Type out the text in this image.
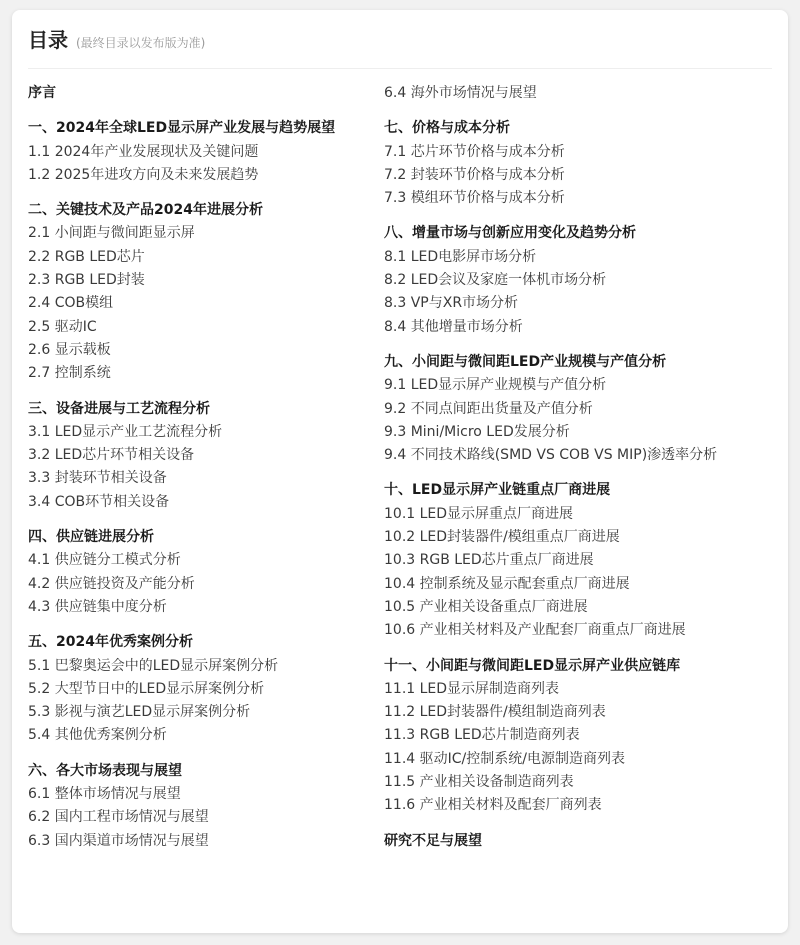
目录 (最终目录以发布版为准)
序言
一、2024年全球LED显示屏产业发展与趋势展望
1.1 2024年产业发展现状及关键问题
1.2 2025年进攻方向及未来发展趋势
二、关键技术及产品2024年进展分析
2.1 小间距与微间距显示屏
2.2 RGB LED芯片
2.3 RGB LED封装
2.4 COB模组
2.5 驱动IC
2.6 显示载板
2.7 控制系统
三、设备进展与工艺流程分析
3.1 LED显示产业工艺流程分析
3.2 LED芯片环节相关设备
3.3 封装环节相关设备
3.4 COB环节相关设备
四、供应链进展分析
4.1 供应链分工模式分析
4.2 供应链投资及产能分析
4.3 供应链集中度分析
五、2024年优秀案例分析
5.1 巴黎奥运会中的LED显示屏案例分析
5.2 大型节日中的LED显示屏案例分析
5.3 影视与演艺LED显示屏案例分析
5.4 其他优秀案例分析
六、各大市场表现与展望
6.1 整体市场情况与展望
6.2 国内工程市场情况与展望
6.3 国内渠道市场情况与展望
6.4 海外市场情况与展望
七、价格与成本分析
7.1 芯片环节价格与成本分析
7.2 封装环节价格与成本分析
7.3 模组环节价格与成本分析
八、增量市场与创新应用变化及趋势分析
8.1 LED电影屏市场分析
8.2 LED会议及家庭一体机市场分析
8.3 VP与XR市场分析
8.4 其他增量市场分析
九、小间距与微间距LED产业规模与产值分析
9.1 LED显示屏产业规模与产值分析
9.2 不同点间距出货量及产值分析
9.3 Mini/Micro LED发展分析
9.4 不同技术路线(SMD VS COB VS MIP)渗透率分析
十、LED显示屏产业链重点厂商进展
10.1 LED显示屏重点厂商进展
10.2 LED封装器件/模组重点厂商进展
10.3 RGB LED芯片重点厂商进展
10.4 控制系统及显示配套重点厂商进展
10.5 产业相关设备重点厂商进展
10.6 产业相关材料及产业配套厂商重点厂商进展
十一、小间距与微间距LED显示屏产业供应链库
11.1 LED显示屏制造商列表
11.2 LED封装器件/模组制造商列表
11.3 RGB LED芯片制造商列表
11.4 驱动IC/控制系统/电源制造商列表
11.5 产业相关设备制造商列表
11.6 产业相关材料及配套厂商列表
研究不足与展望
